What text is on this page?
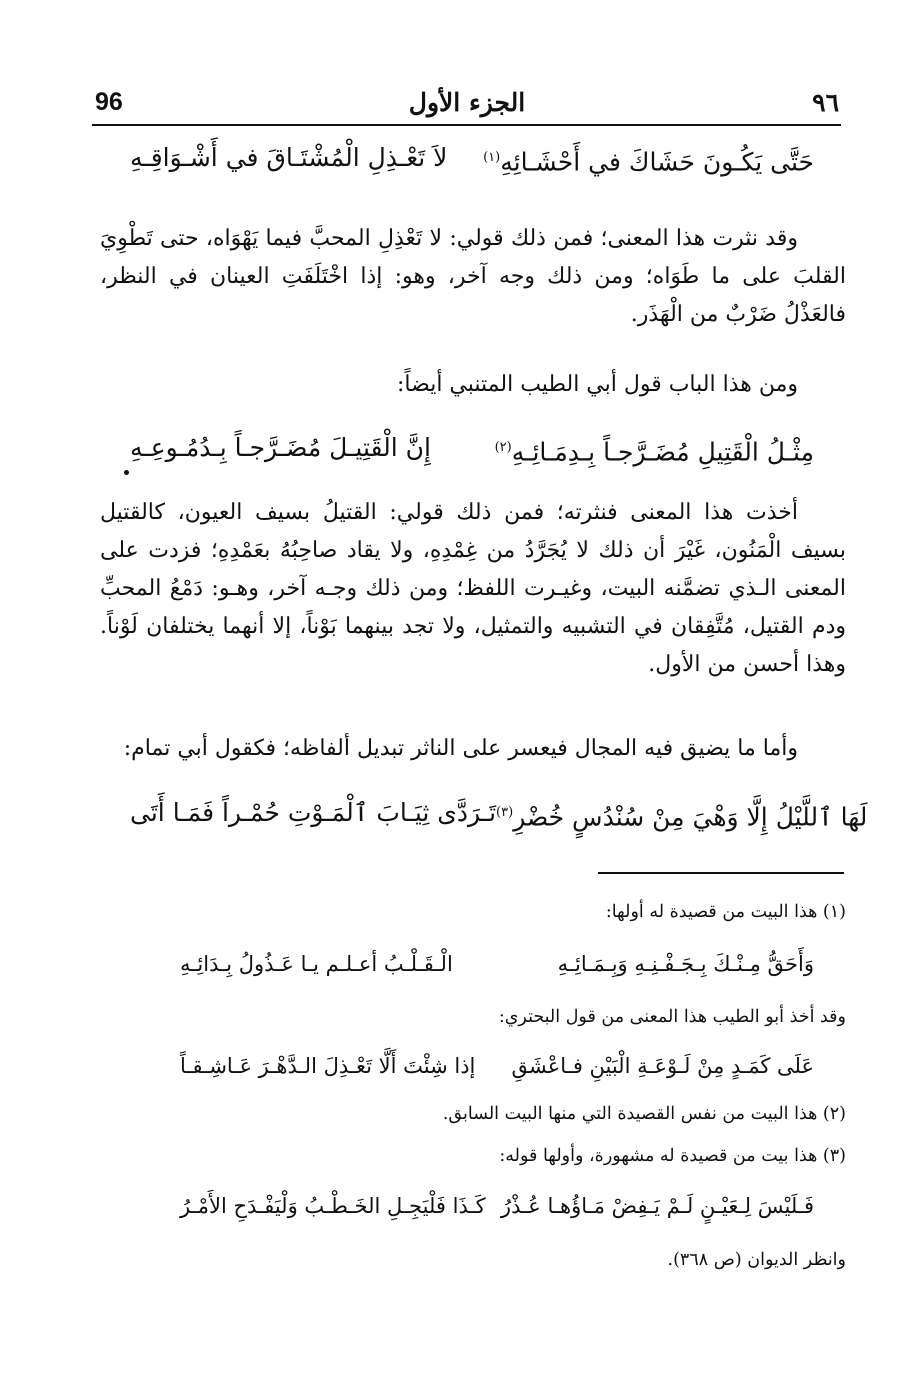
96	الجزء الأول	٩٦
لاَ تَعْـذِلِ الْمُشْتَـاقَ في أَشْـوَاقِـهِ	حَتَّى يَكُـونَ حَشَاكَ في أَحْشَـائِهِ$^{(١)}$
وقد نثرت هذا المعنى؛ فمن ذلك قولي: لا تَعْذِلِ المحبَّ فيما يَهْوَاه، حتى تَطْوِيَ القلبَ على ما طَوَاه؛ ومن ذلك وجه آخر، وهو: إذا اخْتَلَفَتِ العينان في النظر، فالعَذْلُ ضَرْبٌ من الْهَذَر.
ومن هذا الباب قول أبي الطيب المتنبي أيضاً:
إِنَّ الْقَتِيـلَ مُضَـرَّجـاً بِـدُمُـوعِـهِ	مِثْـلُ الْقَتِيلِ مُضَـرَّجـاً بِـدِمَـائِـهِ$^{(٢)}$
أخذت هذا المعنى فنثرته؛ فمن ذلك قولي: القتيلُ بسيف العيون، كالقتيل بسيف الْمَنُون، غَيْرَ أن ذلك لا يُجَرَّدُ من غِمْدِهِ، ولا يقاد صاحِبُهُ بعَمْدِهِ؛ فزدت على المعنى الـذي تضمَّنه البيت، وغيـرت اللفظ؛ ومن ذلك وجـه آخر، وهـو: دَمْعُ المحبِّ ودم القتيل، مُتَّفِقان في التشبيه والتمثيل، ولا تجد بينهما بَوْناً، إلا أنهما يختلفان لَوْناً. وهذا أحسن من الأول.
وأما ما يضيق فيه المجال فيعسر على الناثر تبديل ألفاظه؛ فكقول أبي تمام:
تَـرَدَّى ثِيَـابَ ٱلْمَـوْتِ حُمْـراً فَمَـا أَتَى لَهَا ٱللَّيْلُ إِلَّا وَهْيَ مِنْ سُنْدُسٍ خُضْرِ$^{(٣)}$
(١) هذا البيت من قصيدة له أولها:
الْـقَـلْـبُ أعـلـم يـا عَـذُولُ بِـدَائِـهِ	وَأَحَقُّ مِـنْـكَ بِـجَـفْـنِـهِ وَبِـمَـائِـهِ
وقد أخذ أبو الطيب هذا المعنى من قول البحتري:
إذا شِئْتَ أَلَّا تَعْـذِلَ الـدَّهْـرَ عَـاشِـقـاً عَلَى كَمَـدٍ مِنْ لَـوْعَـةِ الْبَيْنِ فـاعْشَقِ
(٢) هذا البيت من نفس القصيدة التي منها البيت السابق.
(٣) هذا بيت من قصيدة له مشهورة، وأولها قوله:
كَـذَا فَلْيَجِـلِ الخَـطْـبُ وَلْيَفْـدَحِ الأَمْـرُ فَـلَيْسَ لِـعَيْـنٍ لَـمْ يَـفِضْ مَـاؤُهـا عُـذْرُ
وانظر الديوان (ص ٣٦٨).
